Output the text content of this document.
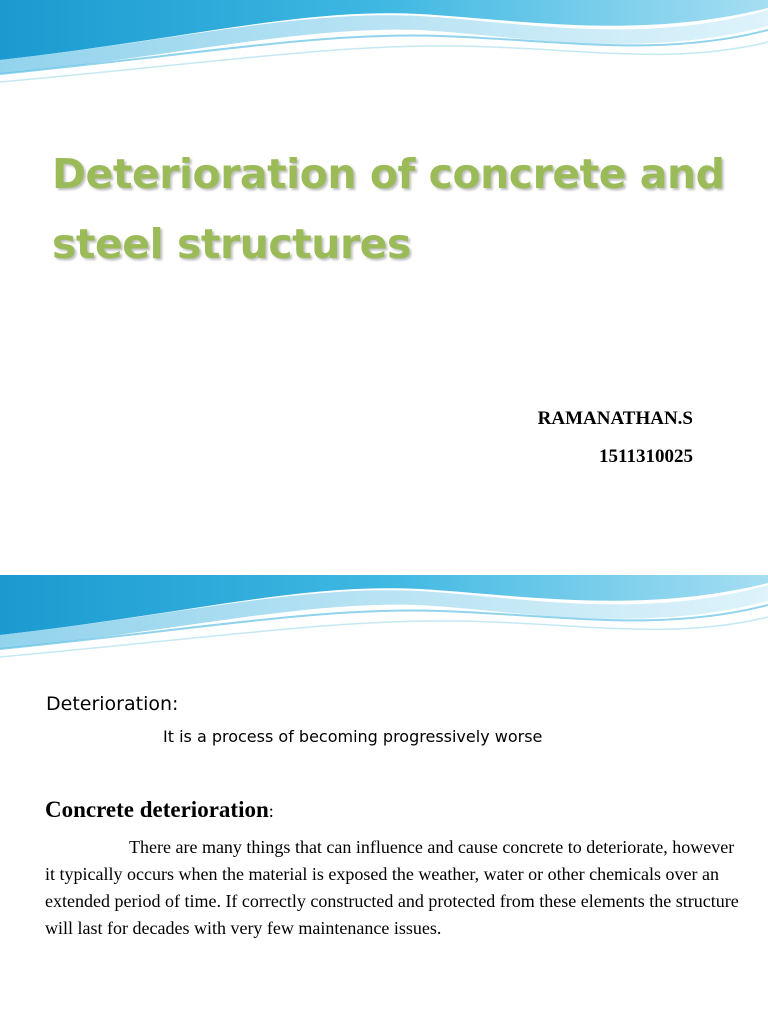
Deterioration of concrete and steel structures
RAMANATHAN.S
1511310025

Deterioration:

It is a process of becoming progressively worse

Concrete deterioration:

There are many things that can influence and cause concrete to deteriorate, however it typically occurs when the material is exposed the weather, water or other chemicals over an extended period of time. If correctly constructed and protected from these elements the structure will last for decades with very few maintenance issues.
